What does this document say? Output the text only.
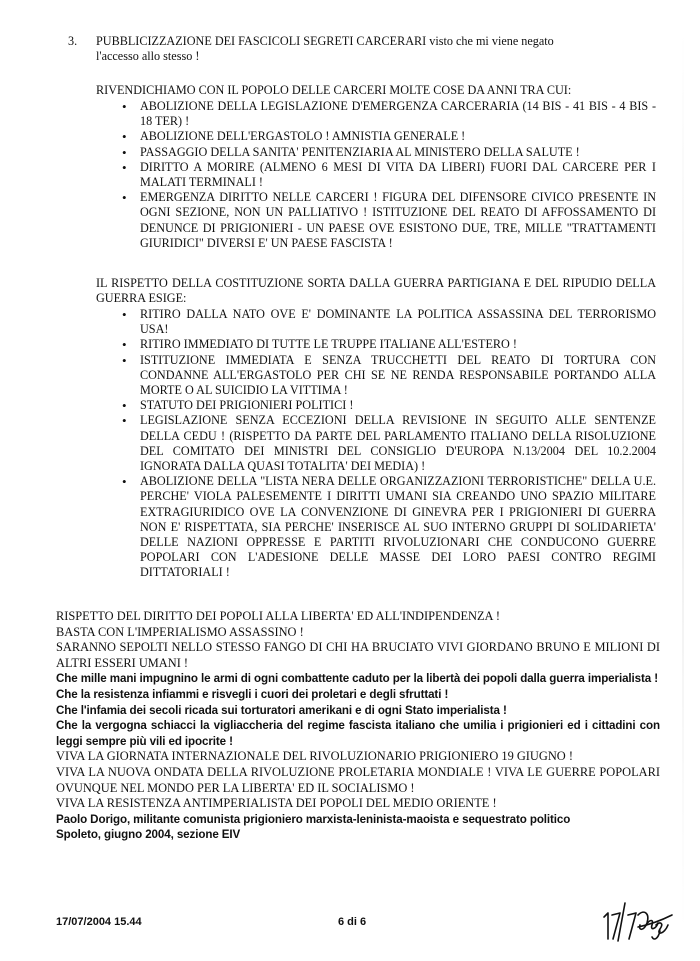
3. PUBBLICIZZAZIONE DEI FASCICOLI SEGRETI CARCERARI visto che mi viene negato
l'accesso allo stesso !

RIVENDICHIAMO CON IL POPOLO DELLE CARCERI MOLTE COSE DA ANNI TRA CUI:

• ABOLIZIONE DELLA LEGISLAZIONE D'EMERGENZA CARCERARIA (14 BIS - 41 BIS - 4 BIS - 18 TER) !
• ABOLIZIONE DELL'ERGASTOLO ! AMNISTIA GENERALE !
• PASSAGGIO DELLA SANITA' PENITENZIARIA AL MINISTERO DELLA SALUTE !
• DIRITTO A MORIRE (ALMENO 6 MESI DI VITA DA LIBERI) FUORI DAL CARCERE PER I MALATI TERMINALI !
• EMERGENZA DIRITTO NELLE CARCERI ! FIGURA DEL DIFENSORE CIVICO PRESENTE IN OGNI SEZIONE, NON UN PALLIATIVO ! ISTITUZIONE DEL REATO DI AFFOSSAMENTO DI DENUNCE DI PRIGIONIERI - UN PAESE OVE ESISTONO DUE, TRE, MILLE "TRATTAMENTI GIURIDICI" DIVERSI E' UN PAESE FASCISTA !

IL RISPETTO DELLA COSTITUZIONE SORTA DALLA GUERRA PARTIGIANA E DEL RIPUDIO DELLA GUERRA ESIGE:

• RITIRO DALLA NATO OVE E' DOMINANTE LA POLITICA ASSASSINA DEL TERRORISMO USA!
• RITIRO IMMEDIATO DI TUTTE LE TRUPPE ITALIANE ALL'ESTERO !
• ISTITUZIONE IMMEDIATA E SENZA TRUCCHETTI DEL REATO DI TORTURA CON CONDANNE ALL'ERGASTOLO PER CHI SE NE RENDA RESPONSABILE PORTANDO ALLA MORTE O AL SUICIDIO LA VITTIMA !
• STATUTO DEI PRIGIONIERI POLITICI !
• LEGISLAZIONE SENZA ECCEZIONI DELLA REVISIONE IN SEGUITO ALLE SENTENZE DELLA CEDU ! (RISPETTO DA PARTE DEL PARLAMENTO ITALIANO DELLA RISOLUZIONE DEL COMITATO DEI MINISTRI DEL CONSIGLIO D'EUROPA N.13/2004 DEL 10.2.2004 IGNORATA DALLA QUASI TOTALITA' DEI MEDIA) !
• ABOLIZIONE DELLA "LISTA NERA DELLE ORGANIZZAZIONI TERRORISTICHE" DELLA U.E. PERCHE' VIOLA PALESEMENTE I DIRITTI UMANI SIA CREANDO UNO SPAZIO MILITARE EXTRAGIURIDICO OVE LA CONVENZIONE DI GINEVRA PER I PRIGIONIERI DI GUERRA NON E' RISPETTATA, SIA PERCHE' INSERISCE AL SUO INTERNO GRUPPI DI SOLIDARIETA' DELLE NAZIONI OPPRESSE E PARTITI RIVOLUZIONARI CHE CONDUCONO GUERRE POPOLARI CON L'ADESIONE DELLE MASSE DEI LORO PAESI CONTRO REGIMI DITTATORIALI !

RISPETTO DEL DIRITTO DEI POPOLI ALLA LIBERTA' ED ALL'INDIPENDENZA !

BASTA CON L'IMPERIALISMO ASSASSINO !

SARANNO SEPOLTI NELLO STESSO FANGO DI CHI HA BRUCIATO VIVI GIORDANO BRUNO E MILIONI DI ALTRI ESSERI UMANI !

Che mille mani impugnino le armi di ogni combattente caduto per la libertà dei popoli dalla guerra imperialista !

Che la resistenza infiammi e risvegli i cuori dei proletari e degli sfruttati !

Che l'infamia dei secoli ricada sui torturatori amerikani e di ogni Stato imperialista !

Che la vergogna schiacci la vigliaccheria del regime fascista italiano che umilia i prigionieri ed i cittadini con leggi sempre più vili ed ipocrite !

VIVA LA GIORNATA INTERNAZIONALE DEL RIVOLUZIONARIO PRIGIONIERO 19 GIUGNO !

VIVA LA NUOVA ONDATA DELLA RIVOLUZIONE PROLETARIA MONDIALE ! VIVA LE GUERRE POPOLARI OVUNQUE NEL MONDO PER LA LIBERTA' ED IL SOCIALISMO !

VIVA LA RESISTENZA ANTIMPERIALISTA DEI POPOLI DEL MEDIO ORIENTE !

Paolo Dorigo, militante comunista prigioniero marxista-leninista-maoista e sequestrato politico

Spoleto, giugno 2004, sezione EIV

17/07/2004 15.44	6 di 6
